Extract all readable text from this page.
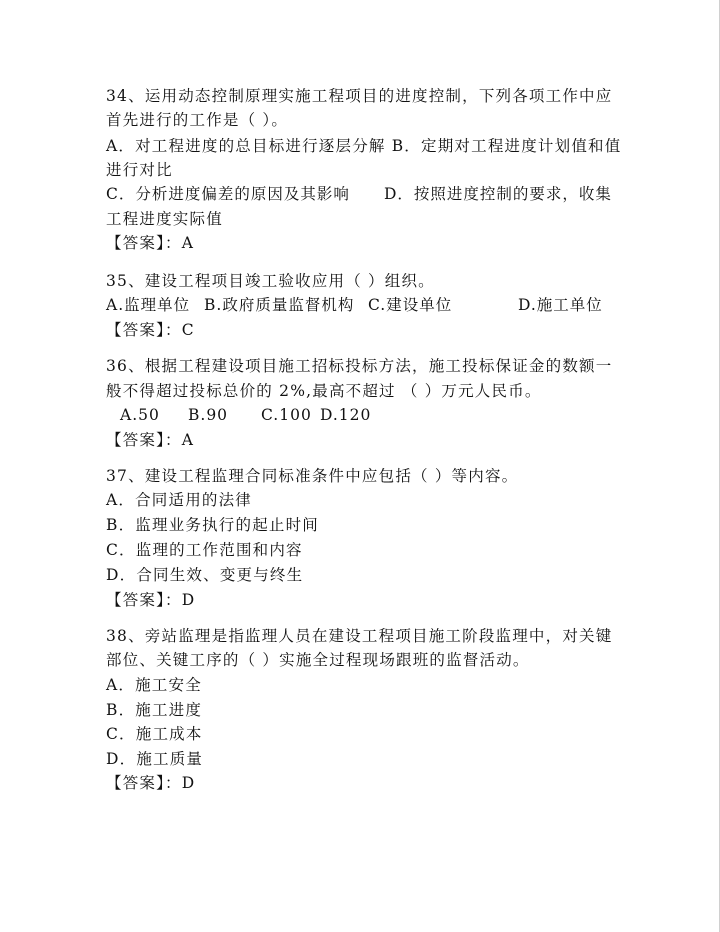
34、运用动态控制原理实施工程项目的进度控制，下列各项工作中应
首先进行的工作是（ ）。
A．对工程进度的总目标进行逐层分解 B．定期对工程进度计划值和值
进行对比
C．分析进度偏差的原因及其影响 D．按照进度控制的要求，收集
工程进度实际值
【答案】：A
35、建设工程项目竣工验收应用（ ）组织。
A.监理单位 B.政府质量监督机构 C.建设单位	D.施工单位
【答案】：C
36、根据工程建设项目施工招标投标方法，施工投标保证金的数额一
般不得超过投标总价的 2%,最高不超过 （ ）万元人民币。
A.50 B.90 C.100 D.120
【答案】：A
37、建设工程监理合同标准条件中应包括（ ）等内容。
A．合同适用的法律
B．监理业务执行的起止时间
C．监理的工作范围和内容
D．合同生效、变更与终生
【答案】：D
38、旁站监理是指监理人员在建设工程项目施工阶段监理中，对关键
部位、关键工序的（ ）实施全过程现场跟班的监督活动。
A．施工安全
B．施工进度
C．施工成本
D．施工质量
【答案】：D
